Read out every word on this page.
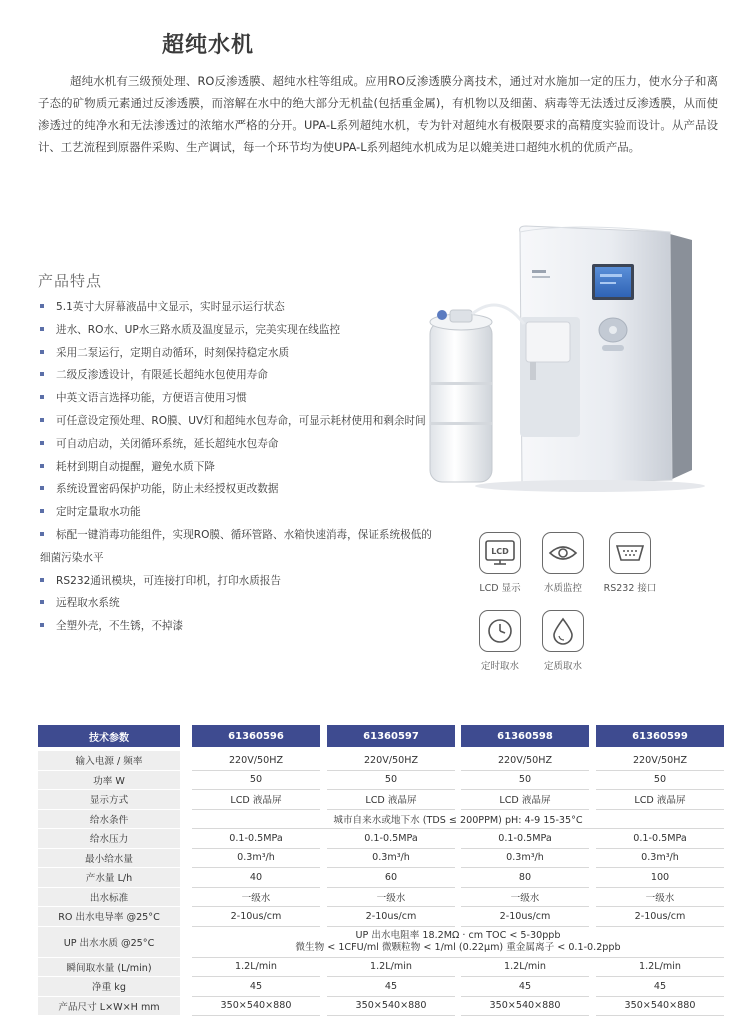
超纯水机
超纯水机有三级预处理、RO反渗透膜、超纯水柱等组成。应用RO反渗透膜分离技术，通过对水施加一定的压力，使水分子和离子态的矿物质元素通过反渗透膜，而溶解在水中的绝大部分无机盐(包括重金属)，有机物以及细菌、病毒等无法透过反渗透膜，从而使渗透过的纯净水和无法渗透过的浓缩水严格的分开。UPA-L系列超纯水机，专为针对超纯水有极限要求的高精度实验而设计。从产品设计、工艺流程到原器件采购、生产调试，每一个环节均为使UPA-L系列超纯水机成为足以媲美进口超纯水机的优质产品。
产品特点
5.1英寸大屏幕液晶中文显示，实时显示运行状态
进水、RO水、UP水三路水质及温度显示，完美实现在线监控
采用二泵运行，定期自动循环，时刻保持稳定水质
二级反渗透设计，有限延长超纯水包使用寿命
中英文语言选择功能，方便语言使用习惯
可任意设定预处理、RO膜、UV灯和超纯水包寿命，可显示耗材使用和剩余时间
可自动启动，关闭循环系统，延长超纯水包寿命
耗材到期自动提醒，避免水质下降
系统设置密码保护功能，防止未经授权更改数据
定时定量取水功能
标配一键消毒功能组件，实现RO膜、循环管路、水箱快速消毒，保证系统极低的细菌污染水平
RS232通讯模块，可连接打印机，打印水质报告
远程取水系统
全塑外壳，不生锈，不掉漆
LCD
LCD 显示	水质监控	RS232 接口
定时取水	定质取水
技术参数	61360596	61360597	61360598	61360599
输入电源 / 频率	220V/50HZ	220V/50HZ	220V/50HZ	220V/50HZ
功率 W	50	50	50	50
显示方式	LCD 液晶屏	LCD 液晶屏	LCD 液晶屏	LCD 液晶屏
给水条件	城市自来水或地下水 (TDS ≤ 200PPM) pH: 4-9 15-35°C
给水压力	0.1-0.5MPa	0.1-0.5MPa	0.1-0.5MPa	0.1-0.5MPa
最小给水量	0.3m³/h	0.3m³/h	0.3m³/h	0.3m³/h
产水量 L/h	40	60	80	100
出水标准	一级水	一级水	一级水	一级水
RO 出水电导率 @25°C	2-10us/cm	2-10us/cm	2-10us/cm	2-10us/cm
UP 出水水质 @25°C
UP 出水电阻率 18.2MΩ · cm TOC < 5-30ppb
微生物 < 1CFU/ml 微颗粒物 < 1/ml (0.22μm) 重金属离子 < 0.1-0.2ppb
瞬间取水量 (L/min)	1.2L/min	1.2L/min	1.2L/min	1.2L/min
净重 kg	45	45	45	45
产品尺寸 L×W×H mm	350×540×880	350×540×880	350×540×880	350×540×880
